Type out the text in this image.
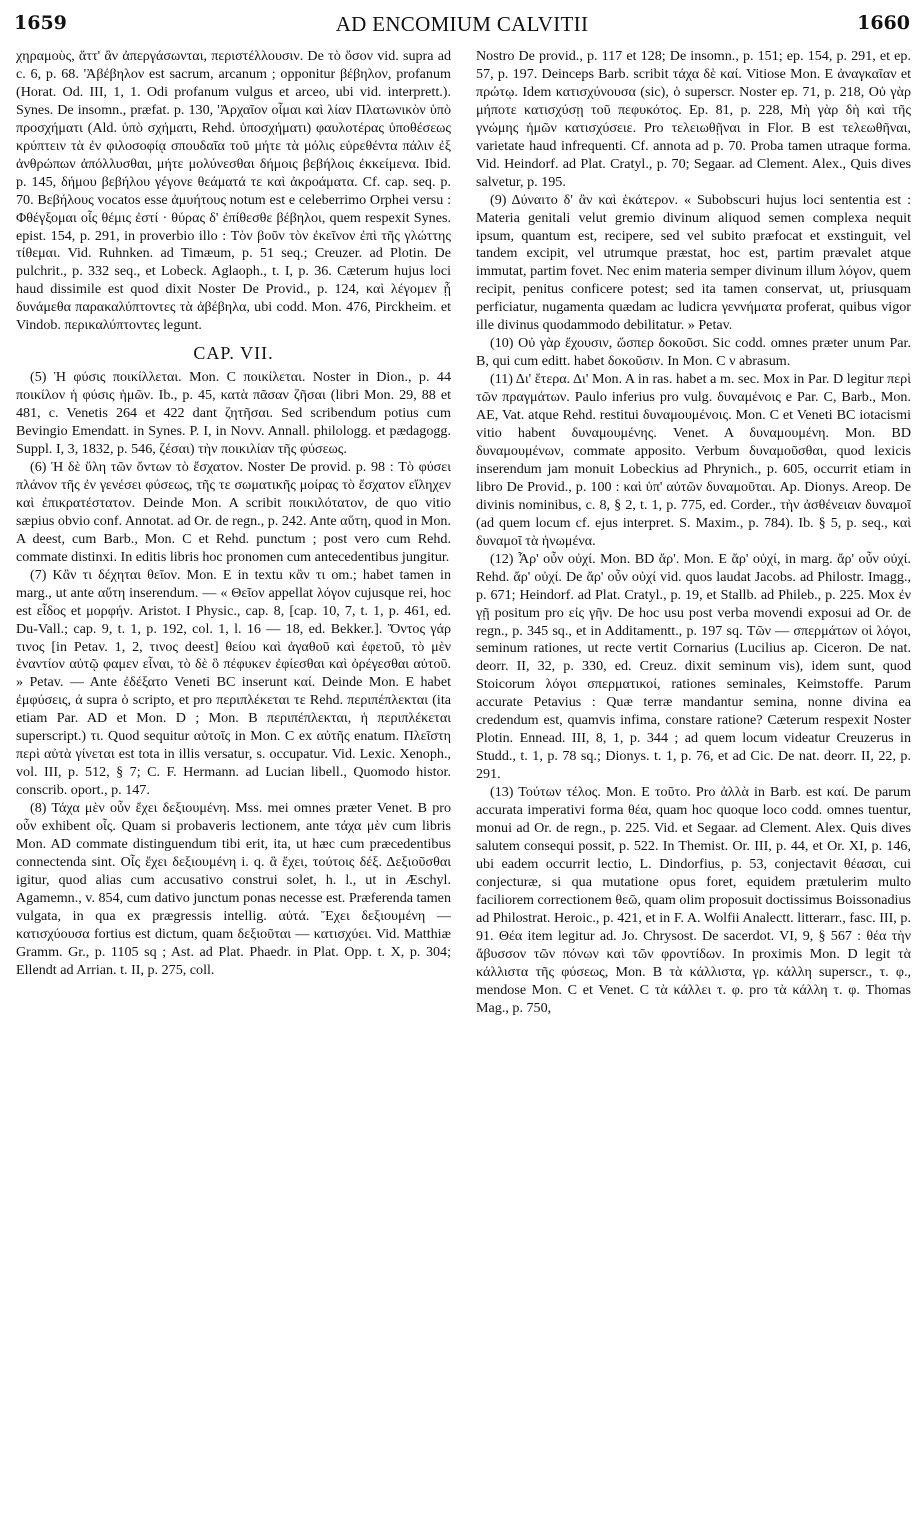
1659	AD ENCOMIUM CALVITII	1660

χηραμοὺς, ἅττ' ἂν ἀπεργάσωνται, περιστέλλουσιν. De τὸ ὅσον vid. supra ad c. 6, p. 68. 'Ἀβέβηλον est sacrum, arcanum ; opponitur βέβηλον, profanum (Horat. Od. III, 1, 1. Odi profanum vulgus et arceo, ubi vid. interprett.). Synes. De insomn., præfat. p. 130, 'Ἀρχαῖον οἶμαι καὶ λίαν Πλατωνικὸν ὑπὸ προσχήματι (Ald. ὑπὸ σχήματι, Rehd. ὑποσχήματι) φαυλοτέρας ὑποθέσεως κρύπτειν τὰ ἐν φιλοσοφίᾳ σπουδαῖα τοῦ μήτε τὰ μόλις εὑρεθέντα πάλιν ἐξ ἀνθρώπων ἀπόλλυσθαι, μήτε μολύνεσθαι δήμοις βεβήλοις ἐκκείμενα. Ibid. p. 145, δήμου βεβήλου γέγονε θεάματά τε καὶ ἀκροάματα. Cf. cap. seq. p. 70. Βεβήλους vocatos esse ἀμυήτους notum est e celeberrimo Orphei versu : Φθέγξομαι οἷς θέμις ἐστί · θύρας δ' ἐπίθεσθε βέβηλοι, quem respexit Synes. epist. 154, p. 291, in proverbio illo : Τὸν βοῦν τὸν ἐκεῖνον ἐπὶ τῆς γλώττης τίθεμαι. Vid. Ruhnken. ad Timæum, p. 51 seq.; Creuzer. ad Plotin. De pulchrit., p. 332 seq., et Lobeck. Aglaoph., t. I, p. 36. Cæterum hujus loci haud dissimile est quod dixit Noster De Provid., p. 124, καὶ λέγομεν ᾗ δυνάμεθα παρακαλύπτοντες τὰ ἀβέβηλα, ubi codd. Mon. 476, Pirckheim. et Vindob. περικαλύπτοντες legunt.

CAP. VII.

(5) Ἡ φύσις ποικίλλεται. Mon. C ποικίλεται. Noster in Dion., p. 44 ποικίλον ἡ φύσις ἡμῶν. Ib., p. 45, κατὰ πᾶσαν ζῆσαι (libri Mon. 29, 88 et 481, c. Venetis 264 et 422 dant ζητῆσαι. Sed scribendum potius cum Bevingio Emendatt. in Synes. P. I, in Novv. Annall. philologg. et pædagogg. Suppl. I, 3, 1832, p. 546, ζέσαι) τὴν ποικιλίαν τῆς φύσεως.

(6) Ἡ δὲ ὕλη τῶν ὄντων τὸ ἔσχατον. Noster De provid. p. 98 : Τὸ φύσει πλάνον τῆς ἐν γενέσει φύσεως, τῆς τε σωματικῆς μοίρας τὸ ἔσχατον εἴληχεν καὶ ἐπικρατέστατον. Deinde Mon. A scribit ποικιλότατον, de quo vitio sæpius obvio conf. Annotat. ad Or. de regn., p. 242. Ante αὕτη, quod in Mon. A deest, cum Barb., Mon. C et Rehd. punctum ; post vero cum Rehd. commate distinxi. In editis libris hoc pronomen cum antecedentibus jungitur.

(7) Κἂν τι δέχηται θεῖον. Mon. E in textu κἂν τι om.; habet tamen in marg., ut ante αὕτη inserendum. — « Θεῖον appellat λόγον cujusque rei, hoc est εἶδος et μορφήν. Aristot. I Physic., cap. 8, [cap. 10, 7, t. 1, p. 461, ed. Du-Vall.; cap. 9, t. 1, p. 192, col. 1, l. 16 — 18, ed. Bekker.]. Ὄντος γάρ τινος [in Petav. 1, 2, τινος deest] θείου καὶ ἀγαθοῦ καὶ ἐφετοῦ, τὸ μὲν ἐναντίον αὐτῷ φαμεν εἶναι, τὸ δὲ ὃ πέφυκεν ἐφίεσθαι καὶ ὀρέγεσθαι αὐτοῦ. » Petav. — Ante ἐδέξατο Veneti BC inserunt καί. Deinde Mon. E habet ἐμφύσεις, ά supra ὁ scripto, et pro περιπλέκεται τε Rehd. περιπέπλεκται (ita etiam Par. AD et Mon. D ; Mon. B περιπέπλεκται, ἡ περιπλέκεται superscript.) τι. Quod sequitur αὐτοῖς in Mon. C ex αὐτῆς enatum. Πλεῖστη περὶ αὐτὰ γίνεται est tota in illis versatur, s. occupatur. Vid. Lexic. Xenoph., vol. III, p. 512, § 7; C. F. Hermann. ad Lucian libell., Quomodo histor. conscrib. oport., p. 147.

(8) Τάχα μὲν οὖν ἔχει δεξιουμένη. Mss. mei omnes præter Venet. B pro οὖν exhibent οἷς. Quam si probaveris lectionem, ante τάχα μὲν cum libris Mon. AD commate distinguendum tibi erit, ita, ut hæc cum præcedentibus connectenda sint. Οἷς ἔχει δεξιουμένη i. q. ἃ ἔχει, τούτοις δέξ. Δεξιοῦσθαι igitur, quod alias cum accusativo construi solet, h. l., ut in Æschyl. Agamemn., v. 854, cum dativo junctum ponas necesse est. Præferenda tamen vulgata, in qua ex prægressis intellig. αὐτά. Ἔχει δεξιουμένη — κατισχύουσα fortius est dictum, quam δεξιοῦται — κατισχύει. Vid. Matthiæ Gramm. Gr., p. 1105 sq ; Ast. ad Plat. Phaedr. in Plat. Opp. t. X, p. 304; Ellendt ad Arrian. t. II, p. 275, coll.

Nostro De provid., p. 117 et 128; De insomn., p. 151; ep. 154, p. 291, et ep. 57, p. 197. Deinceps Barb. scribit τάχα δὲ καί. Vitiose Mon. E ἀναγκαῖαν et πρώτῳ. Idem κατισχύνουσα (sic), ὁ superscr. Noster ep. 71, p. 218, Οὐ γὰρ μήποτε κατισχύσῃ τοῦ πεφυκότος. Ep. 81, p. 228, Μὴ γὰρ δὴ καὶ τῆς γνώμης ἡμῶν κατισχύσειε. Pro τελειωθῇναι in Flor. B est τελεωθῆναι, varietate haud infrequenti. Cf. annota ad p. 70. Proba tamen utraque forma. Vid. Heindorf. ad Plat. Cratyl., p. 70; Segaar. ad Clement. Alex., Quis dives salvetur, p. 195.

(9) Δύναιτο δ' ἂν καὶ ἑκάτερον. « Subobscuri hujus loci sententia est : Materia genitali velut gremio divinum aliquod semen complexa nequit ipsum, quantum est, recipere, sed vel subito præfocat et exstinguit, vel tandem excipit, vel utrumque præstat, hoc est, partim prævalet atque immutat, partim fovet. Nec enim materia semper divinum illum λόγον, quem recipit, penitus conficere potest; sed ita tamen conservat, ut, priusquam perficiatur, nugamenta quædam ac ludicra γεννήματα proferat, quibus vigor ille divinus quodammodo debilitatur. » Petav.

(10) Οὐ γὰρ ἔχουσιν, ὥσπερ δοκοῦσι. Sic codd. omnes præter unum Par. B, qui cum editt. habet δοκοῦσιν. In Mon. C ν abrasum.

(11) Δι' ἕτερα. Δι' Mon. A in ras. habet a m. sec. Mox in Par. D legitur περὶ τῶν πραγμάτων. Paulo inferius pro vulg. δυναμένοις e Par. C, Barb., Mon. AE, Vat. atque Rehd. restitui δυναμουμένοις. Mon. C et Veneti BC iotacismi vitio habent δυναμουμένης. Venet. A δυναμουμένη. Mon. BD δυναμουμένων, commate apposito. Verbum δυναμοῦσθαι, quod lexicis inserendum jam monuit Lobeckius ad Phrynich., p. 605, occurrit etiam in libro De Provid., p. 100 : καὶ ὑπ' αὐτῶν δυναμοῦται. Ap. Dionys. Areop. De divinis nominibus, c. 8, § 2, t. 1, p. 775, ed. Corder., τὴν ἀσθένειαν δυναμοῖ (ad quem locum cf. ejus interpret. S. Maxim., p. 784). Ib. § 5, p. seq., καὶ δυναμοῖ τὰ ἡνωμένα.

(12) Ἆρ' οὖν οὐχί. Mon. BD ἄρ'. Mon. E ἄρ' οὐχί, in marg. ἄρ' οὖν οὐχί. Rehd. ἄρ' οὐχί. De ἄρ' οὖν οὐχί vid. quos laudat Jacobs. ad Philostr. Imagg., p. 671; Heindorf. ad Plat. Cratyl., p. 19, et Stallb. ad Phileb., p. 225. Mox ἐν γῇ positum pro εἰς γῆν. De hoc usu post verba movendi exposui ad Or. de regn., p. 345 sq., et in Additamentt., p. 197 sq. Τῶν — σπερμάτων οἱ λόγοι, seminum rationes, ut recte vertit Cornarius (Lucilius ap. Ciceron. De nat. deorr. II, 32, p. 330, ed. Creuz. dixit seminum vis), idem sunt, quod Stoicorum λόγοι σπερματικοί, rationes seminales, Keimstoffe. Parum accurate Petavius : Quæ terræ mandantur semina, nonne divina ea credendum est, quamvis infima, constare ratione? Cæterum respexit Noster Plotin. Ennead. III, 8, 1, p. 344 ; ad quem locum videatur Creuzerus in Studd., t. 1, p. 78 sq.; Dionys. t. 1, p. 76, et ad Cic. De nat. deorr. II, 22, p. 291.

(13) Τούτων τέλος. Mon. E τοῦτο. Pro ἀλλὰ in Barb. est καί. De parum accurata imperativi forma θέα, quam hoc quoque loco codd. omnes tuentur, monui ad Or. de regn., p. 225. Vid. et Segaar. ad Clement. Alex. Quis dives salutem consequi possit, p. 522. In Themist. Or. III, p. 44, et Or. XI, p. 146, ubi eadem occurrit lectio, L. Dindorfius, p. 53, conjectavit θέασαι, cui conjecturæ, si qua mutatione opus foret, equidem prætulerim multo faciliorem correctionem θεῶ, quam olim proposuit doctissimus Boissonadius ad Philostrat. Heroic., p. 421, et in F. A. Wolfii Analectt. litterarr., fasc. III, p. 91. Θέα item legitur ad. Jo. Chrysost. De sacerdot. VI, 9, § 567 : θέα τὴν ἄβυσσον τῶν πόνων καὶ τῶν φροντίδων. In proximis Mon. D legit τὰ κάλλιστα τῆς φύσεως, Mon. B τὰ κάλλιστα, γρ. κάλλη superscr., τ. φ., mendose Mon. C et Venet. C τὰ κάλλει τ. φ. pro τὰ κάλλη τ. φ. Thomas Mag., p. 750,
